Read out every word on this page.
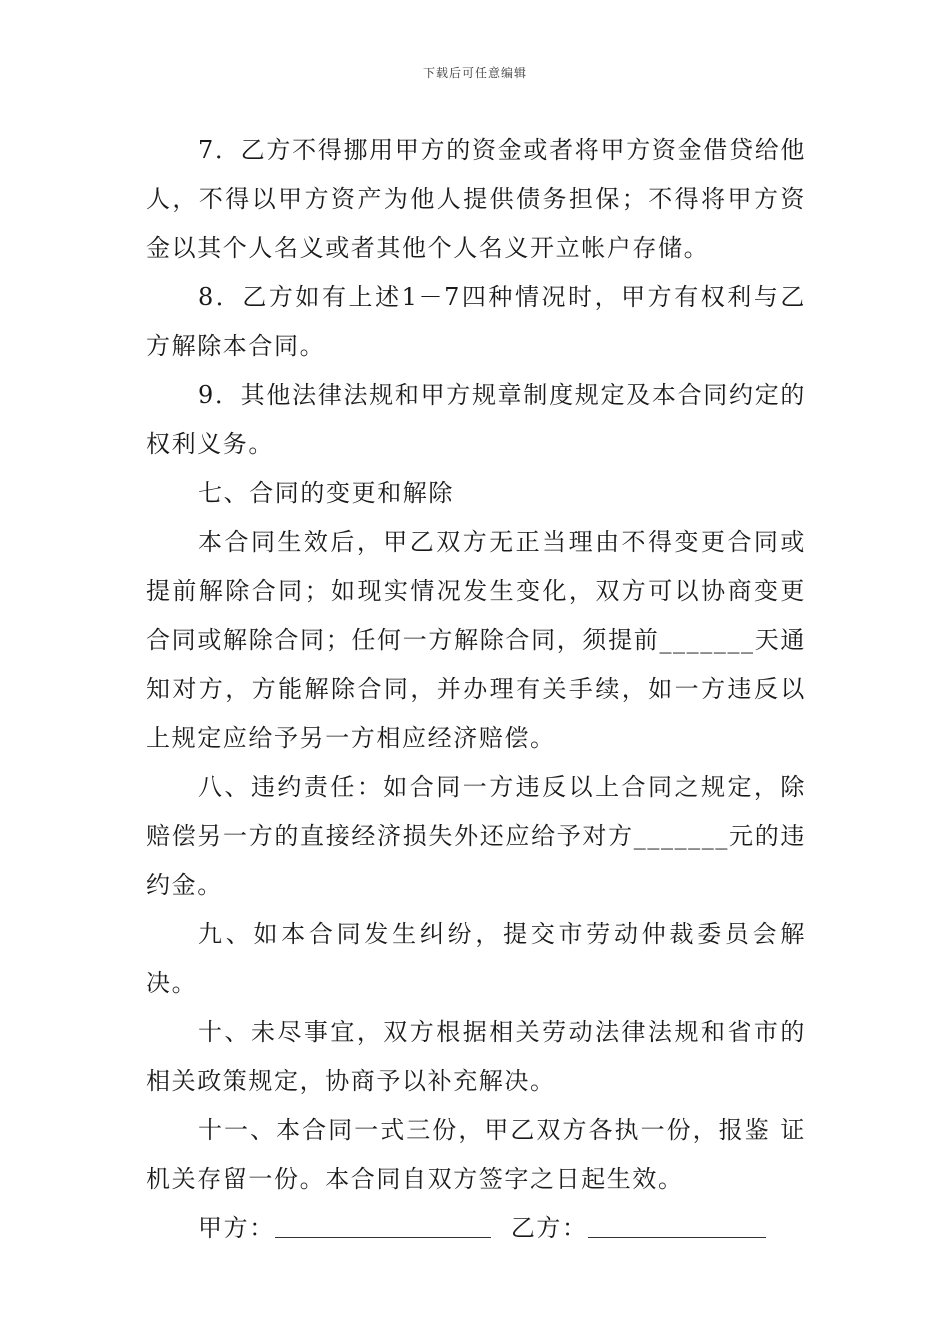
下载后可任意编辑

7．乙方不得挪用甲方的资金或者将甲方资金借贷给他人，不得以甲方资产为他人提供债务担保；不得将甲方资金以其个人名义或者其他个人名义开立帐户存储。

8．乙方如有上述1－7四种情况时，甲方有权利与乙方解除本合同。

9．其他法律法规和甲方规章制度规定及本合同约定的权利义务。

七、合同的变更和解除

本合同生效后，甲乙双方无正当理由不得变更合同或提前解除合同；如现实情况发生变化，双方可以协商变更合同或解除合同；任何一方解除合同，须提前_______天通知对方，方能解除合同，并办理有关手续，如一方违反以上规定应给予另一方相应经济赔偿。

八、违约责任：如合同一方违反以上合同之规定，除赔偿另一方的直接经济损失外还应给予对方_______元的违约金。

九、如本合同发生纠纷，提交市劳动仲裁委员会解决。

十、未尽事宜，双方根据相关劳动法律法规和省市的相关政策规定，协商予以补充解决。

十一、本合同一式三份，甲乙双方各执一份，报鉴 证机关存留一份。本合同自双方签字之日起生效。

甲方：	乙方：
